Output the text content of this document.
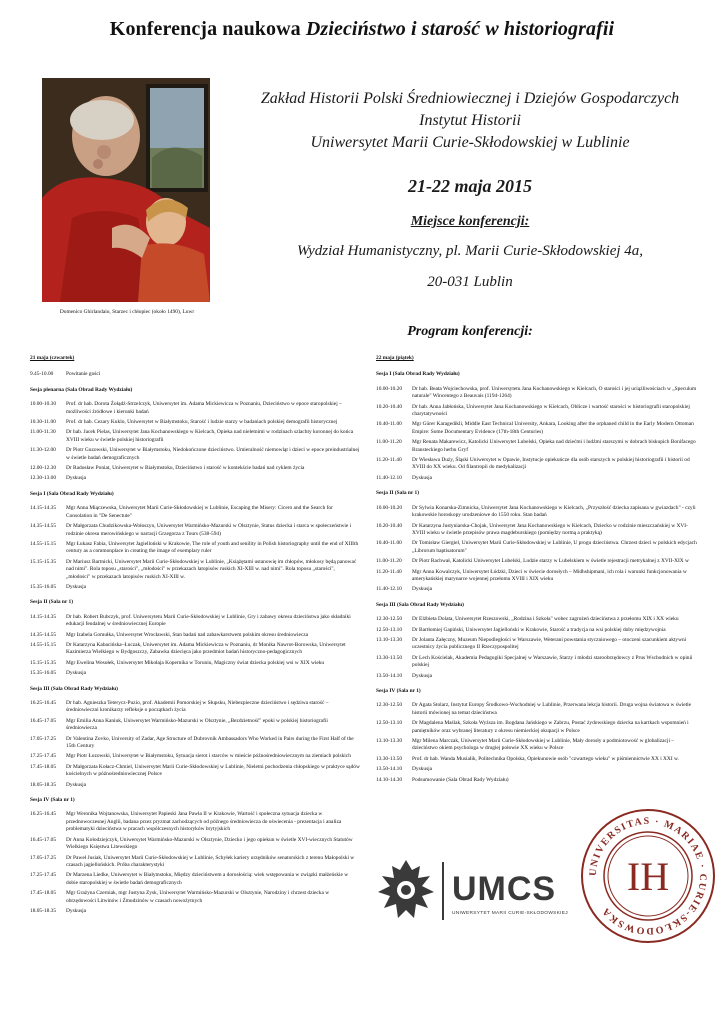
Konferencja naukowa Dzieciństwo i starość w historiografii
Domenico Ghirlandaio, Starzec i chłopiec (około 1490), Luwr
Zakład Historii Polski Średniowiecznej i Dziejów Gospodarczych
Instytut Historii
Uniwersytet Marii Curie-Skłodowskiej w Lublinie
21-22 maja 2015
Miejsce konferencji:
Wydział Humanistyczny, pl. Marii Curie-Skłodowskiej 4a,
20-031 Lublin
Program konferencji:
21 maja (czwartek)
9.45-10.00	Powitanie gości
Sesja plenarna (Sala Obrad Rady Wydziału)
10.00-10.30	Prof. dr hab. Dorota Żołądź-Strzelczyk, Uniwersytet im. Adama Mickiewicza w Poznaniu, Dzieciństwo w epoce staropolskiej – możliwości źródłowe i kierunki badań
10.30-11.00	Prof. dr hab. Cezary Kuklo, Uniwersytet w Białymstoku, Starość i ludzie starzy w badaniach polskiej demografii historycznej
11.00-11.30	Dr hab. Jacek Pielas, Uniwersytet Jana Kochanowskiego w Kielcach, Opieka nad nieletnimi w rodzinach szlachty koronnej do końca XVIII wieku w świetle polskiej historiografii
11.30-12.00	Dr Piotr Guzowski, Uniwersytet w Białymstoku, Niedokończone dzieciństwo. Umieralność niemowląt i dzieci w epoce preindustrialnej w świetle badań demograficznych
12.00-12.30	Dr Radosław Poniat, Uniwersytet w Białymstoku, Dzieciństwo i starość w kontekście badań nad cyklem życia
12.30-13.00	Dyskusja
Sesja I (Sala Obrad Rady Wydziału)
14.15-14.35	Mgr Anna Miączewska, Uniwersytet Marii Curie-Skłodowskiej w Lublinie, Escaping the Misery: Cicero and the Search for Consolation in "De Senectute"
14.35-14.55	Dr Małgorzata Chudzikowska-Wołoszyn, Uniwersytet Warmińsko-Mazurski w Olsztynie, Status dziecka i starca w społeczeństwie i rodzinie okresu merowińskiego w narracji Grzegorza z Tours (538-594)
14.55-15.15	Mgr Łukasz Fabia, Uniwersytet Jagielloński w Krakowie, The role of youth and senility in Polish historiography until the end of XIIIth century as a commonplace in creating the image of exemplary ruler
15.15-15.35	Dr Mariusz Bartnicki, Uniwersytet Marii Curie-Skłodowskiej w Lublinie, „Książętami ustanowię im chłopów, młokosy będą panować nad nimi". Rola toposu „starości", „młodości" w przekazach latopisów ruskich XI-XIII w. nad nimi". Rola toposu „starości", „młodości" w przekazach latopisów ruskich XI-XIII w.
15.35-16.05	Dyskusja
Sesja II (Sala nr 1)
14.15-14.35	Dr hab. Robert Bubczyk, prof. Uniwersytetu Marii Curie-Skłodowskiej w Lublinie, Gry i zabawy okresu dzieciństwa jako składniki edukacji feudalnej w średniowiecznej Europie
14.35-14.55	Mgr Izabela Gomułka, Uniwersytet Wrocławski, Stan badań nad zabawkarstwem polskim okresu średniowiecza
14.55-15.15	Dr Katarzyna Kabacińska–Łuczak, Uniwersytet im. Adama Mickiewicza w Poznaniu, dr Monika Nawrot-Borowska, Uniwersytet Kazimierza Wielkiego w Bydgoszczy, Zabawka dziecięca jako przedmiot badań historyczno-pedagogicznych
15.15-15.35	Mgr Ewelina Wesołek, Uniwersytet Mikołaja Kopernika w Toruniu, Magiczny świat dziecka polskiej wsi w XIX wieku
15.35-16.05	Dyskusja
Sesja III (Sala Obrad Rady Wydziału)
16.25-16.45	Dr hab. Agnieszka Teterycz-Puzio, prof. Akademii Pomorskiej w Słupsku, Niebezpieczne dzieciństwo i sędziwa starość – średniowieczni kronikarzy refleksje o początkach życia
16.45-17.05	Mgr Emilia Anna Kaniuk, Uniwersytet Warmińsko-Mazurski w Olsztynie, „Bezdzietność" epoki w polskiej historiografii średniowiecza
17.05-17.25	Dr Valentina Zovko, University of Zadar, Age Structure of Dubrovnik Ambassadors Who Worked in Pairs during the First Half of the 15th Century
17.25-17.45	Mgr Piotr Łozowski, Uniwersytet w Białymstoku, Sytuacja sierot i starców w mieście późnośredniowiecznym na ziemiach polskich
17.45-18.05	Dr Małgorzata Kołacz-Chmiel, Uniwersytet Marii Curie-Skłodowskiej w Lublinie, Nieletni pochodzenia chłopskiego w praktyce sądów kościelnych w późnośredniowiecznej Polsce
18.05-18.35	Dyskusja
Sesja IV (Sala nr 1)
16.25-16.45	Mgr Weronika Wojtanowska, Uniwersytet Papieski Jana Pawła II w Krakowie, Wartość i społeczna sytuacja dziecka w przednowoczesnej Anglii, badana przez pryzmat zachodzących od późnego średniowiecza do oświecenia - prezentacja i analiza problematyki dzieciństwa w pracach wspólczesnych historyków brytyjskich
16.45-17.05	Dr Anna Kołodziejczyk, Uniwersytet Warmińsko-Mazurski w Olsztynie, Dziecko i jego opiekun w świetle XVI-wiecznych Statutów Wielkiego Księstwa Litewskiego
17.05-17.25	Dr Paweł Jusiak, Uniwersytet Marii Curie-Skłodowskiej w Lublinie, Schyłek kariery urzędników senatorskich z terenu Małopolski w czasach jagiellońskich. Próba charakterystyki
17.25-17.45	Dr Marzena Liedke, Uniwersytet w Białymstoku, Między dzieciństwem a dorosłością: wiek wstępowania w związki małżeńskie w dobie staropolskiej w świetle badań demograficznych
17.45-18.05	Mgr Grażyna Czerniak, mgr Justyna Zysk, Uniwersytet Warmińsko-Mazurski w Olsztynie, Narodziny i chrzest dziecka w obrzędowości Litwinów i Żmudzinów w czasach nowożytnych
18.05-18.35	Dyskusja
22 maja (piątek)
Sesja I (Sala Obrad Rady Wydziału)
10.00-10.20	Dr hab. Beata Wojciechowska, prof. Uniwersytetu Jana Kochanowskiego w Kielcach, O starości i jej uciążliwościach w „Speculum naturale" Wincentego z Beauvais (1194-1264)
10.20-10.40	Dr hab. Anna Jabłońska, Uniwersytet Jana Kochanowskiego w Kielcach, Oblicze i wartość starości w historiografii staropolskiej charytatywności
10.40-11.00	Mgr Gürer Karagedikli, Middle East Technical University, Ankara, Looking after the orphaned child in the Early Modern Ottoman Empire: Some Documentary Evidence (17th-18th Centuries)
11.00-11.20	Mgr Renata Makarewicz, Katolicki Uniwersytet Lubelski, Opieka nad dziećmi i ludźmi starszymi w dobrach biskupich Bonifacego Bransteckiego herbu Gryf
11.20-11.40	Dr Wiesława Duży, Śląski Uniwersytet w Opawie, Instytucje opiekuńcze dla osób starszych w polskiej historiografii i historii od XVIII do XX wieku. Od filantropii do medykalizacji
11.40-12.10	Dyskusja
Sesja II (Sala nr 1)
10.00-10.20	Dr Sylwia Konarska-Zimnicka, Uniwersytet Jana Kochanowskiego w Kielcach, „Przyszłość dziecka zapisana w gwiazdach" - czyli krakowskie horoskopy urodzeniowe do 1550 roku. Stan badań
10.20-10.40	Dr Katarzyna Justyniarska-Chojak, Uniwersytet Jana Kochanowskiego w Kielcach, Dziecko w rodzinie mieszczańskiej w XVI-XVIII wieku w świetle przepisów prawa magdeburskiego (pomiędzy normą a praktyką)
10.40-11.00	Dr Tomisław Giergiel, Uniwersytet Marii Curie-Skłodowskiej w Lublinie, U progu dzieciństwa. Chrzest dzieci w polskich edycjach „Librorum baptisatorum"
11.00-11.20	Dr Piotr Rachwał, Katolicki Uniwersytet Lubelski, Ludzie starzy w Lubelskiem w świetle rejestracji metrykalnej z XVII-XIX w
11.20-11.40	Mgr Anna Kowalczyk, Uniwersytet Łódzki, Dzieci w świecie dorosłych – Midhshipmani, ich rola i warunki funkcjonowania w amerykańskiej marynarce wojennej przełomu XVIII i XIX wieku
11.40-12.10	Dyskusja
Sesja III (Sala Obrad Rady Wydziału)
12.30-12.50	Dr Elżbieta Dolata, Uniwersytet Rzeszowski, „Rodzina i Szkoła" wobec zagrożeń dzieciństwa z przełomu XIX i XX wieku
12.50-13.10	Dr Bartłomiej Gapiński, Uniwersytet Jagielloński w Krakowie, Starość a tradycja na wsi polskiej doby międzywojnia
13.10-13.30	Dr Jolanta Załęczny, Muzeum Niepodległości w Warszawie, Weterani powstania styczniowego – otoczeni szacunkiem aktywni uczestnicy życia publicznego II Rzeczypospolitej
13.30-13.50	Dr Lech Kościelak, Akademia Pedagogiki Specjalnej w Warszawie, Starzy i młodzi staroobrzędowcy z Prus Wschodnich w opinii polskiej
13.50-14.10	Dyskusja
Sesja IV (Sala nr 1)
12.30-12.50	Dr Agata Stolarz, Instytut Europy Środkowo-Wschodniej w Lublinie, Przerwana lekcja historii. Druga wojna światowa w świetle historii mówionej na temat dzieciństwa
12.50-13.10	Dr Magdalena Maślak, Szkoła Wyższa im. Bogdana Jańskiego w Zabrzu, Postać żydowskiego dziecka na kartkach wspomnień i pamiętników oraz wybranej literatury z okresu niemieckiej okupacji w Polsce
13.10-13.30	Mgr Milena Marczak, Uniwersytet Marii Curie-Skłodowskiej w Lublinie, Mały dorosły a podmiotowość w globalizacji – dzieciństwo okiem psychologa w drugiej połowie XX wieku w Polsce
13.30-13.50	Prof. dr hab. Wanda Musialik, Politechnika Opolska, Opiekunowie osób "czwartego wieku" w piśmiennictwie XX i XXI w.
13.50-14.10	Dyskusja
14.10-14.30	Podsumowanie (Sala Obrad Rady Wydziału)
UMCS
UNIWERSYTET MARII CURIE-SKŁODOWSKIEJ
UNIVERSITAS · MARIAE · CURIE-SKŁODOWSKA
IH
